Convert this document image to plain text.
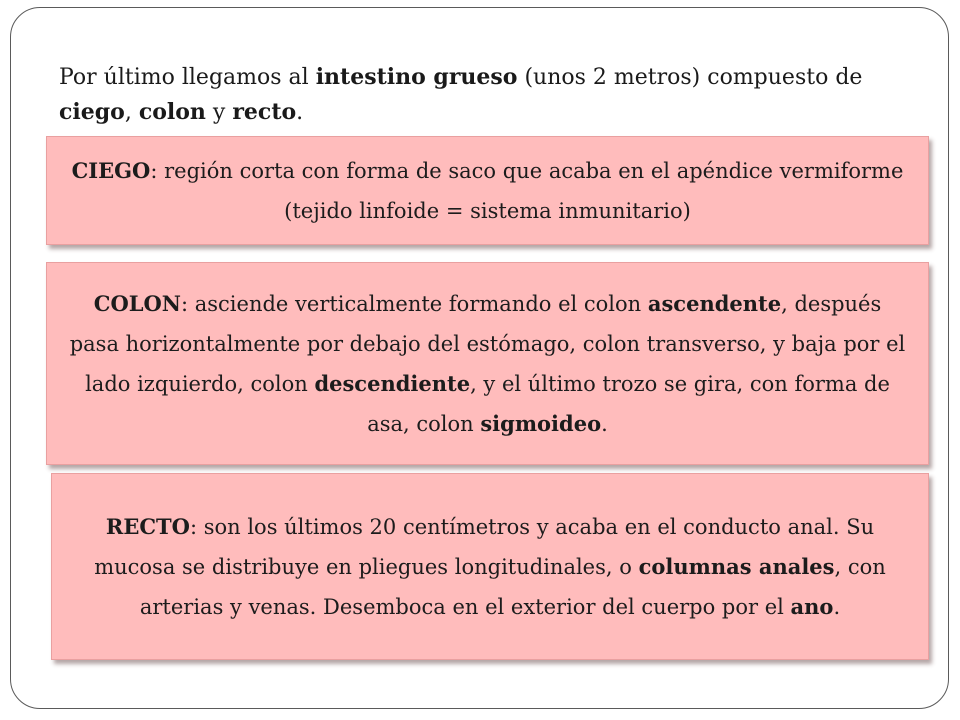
Por último llegamos al intestino grueso (unos 2 metros) compuesto de ciego, colon y recto.

CIEGO: región corta con forma de saco que acaba en el apéndice vermiforme (tejido linfoide = sistema inmunitario)

COLON: asciende verticalmente formando el colon ascendente, después pasa horizontalmente por debajo del estómago, colon transverso, y baja por el lado izquierdo, colon descendiente, y el último trozo se gira, con forma de asa, colon sigmoideo.

RECTO: son los últimos 20 centímetros y acaba en el conducto anal. Su mucosa se distribuye en pliegues longitudinales, o columnas anales, con arterias y venas. Desemboca en el exterior del cuerpo por el ano.
